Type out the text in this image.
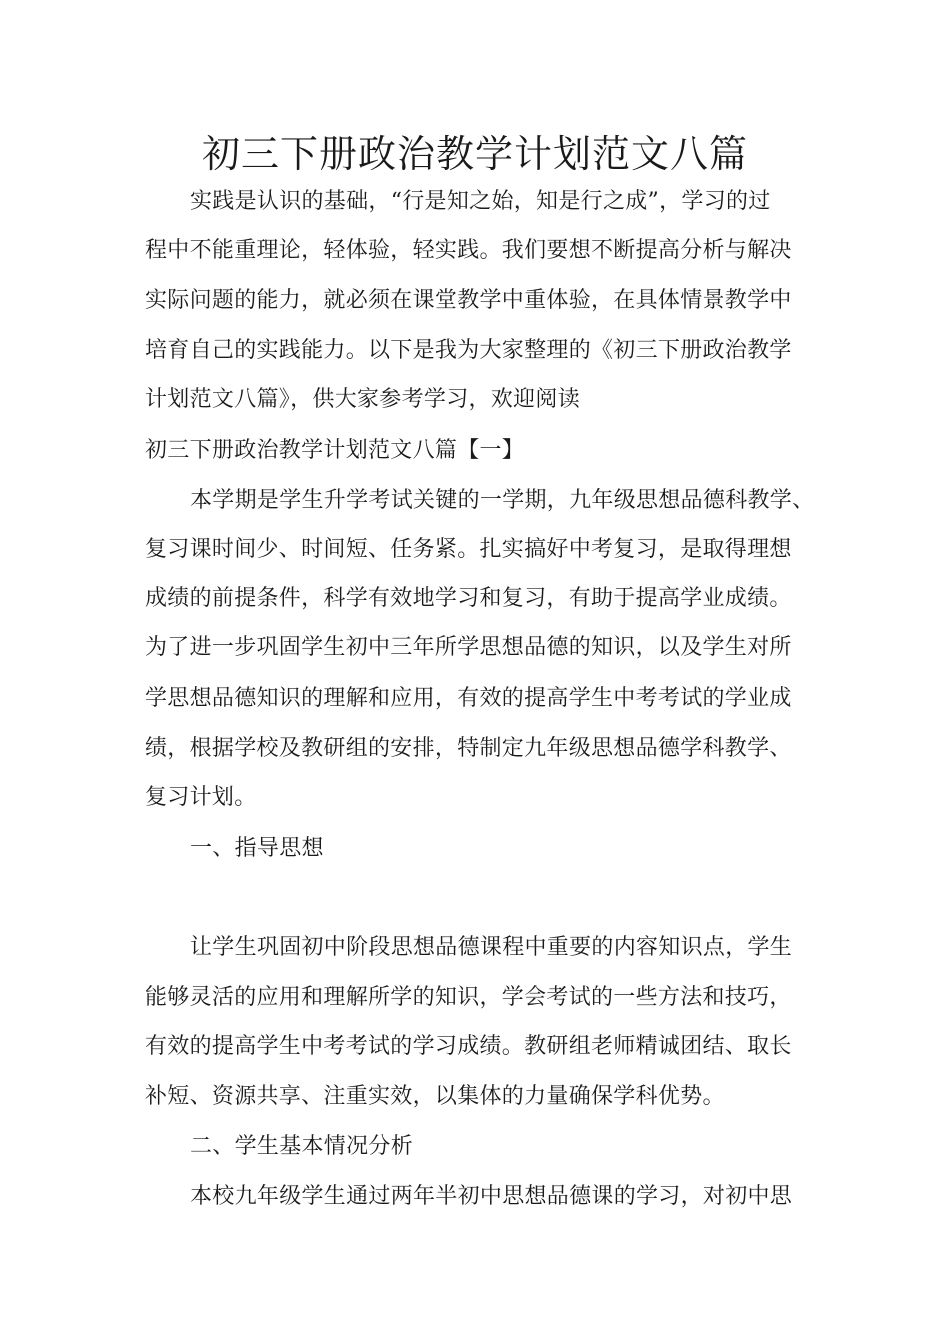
初三下册政治教学计划范文八篇
实践是认识的基础，“行是知之始，知是行之成”，学习的过
程中不能重理论，轻体验，轻实践。我们要想不断提高分析与解决
实际问题的能力，就必须在课堂教学中重体验，在具体情景教学中
培育自己的实践能力。以下是我为大家整理的《初三下册政治教学
计划范文八篇》，供大家参考学习，欢迎阅读
初三下册政治教学计划范文八篇【一】
本学期是学生升学考试关键的一学期，九年级思想品德科教学、
复习课时间少、时间短、任务紧。扎实搞好中考复习，是取得理想
成绩的前提条件，科学有效地学习和复习，有助于提高学业成绩。
为了进一步巩固学生初中三年所学思想品德的知识，以及学生对所
学思想品德知识的理解和应用，有效的提高学生中考考试的学业成
绩，根据学校及教研组的安排，特制定九年级思想品德学科教学、
复习计划。
一、指导思想
让学生巩固初中阶段思想品德课程中重要的内容知识点，学生
能够灵活的应用和理解所学的知识，学会考试的一些方法和技巧，
有效的提高学生中考考试的学习成绩。教研组老师精诚团结、取长
补短、资源共享、注重实效，以集体的力量确保学科优势。
二、学生基本情况分析
本校九年级学生通过两年半初中思想品德课的学习，对初中思
